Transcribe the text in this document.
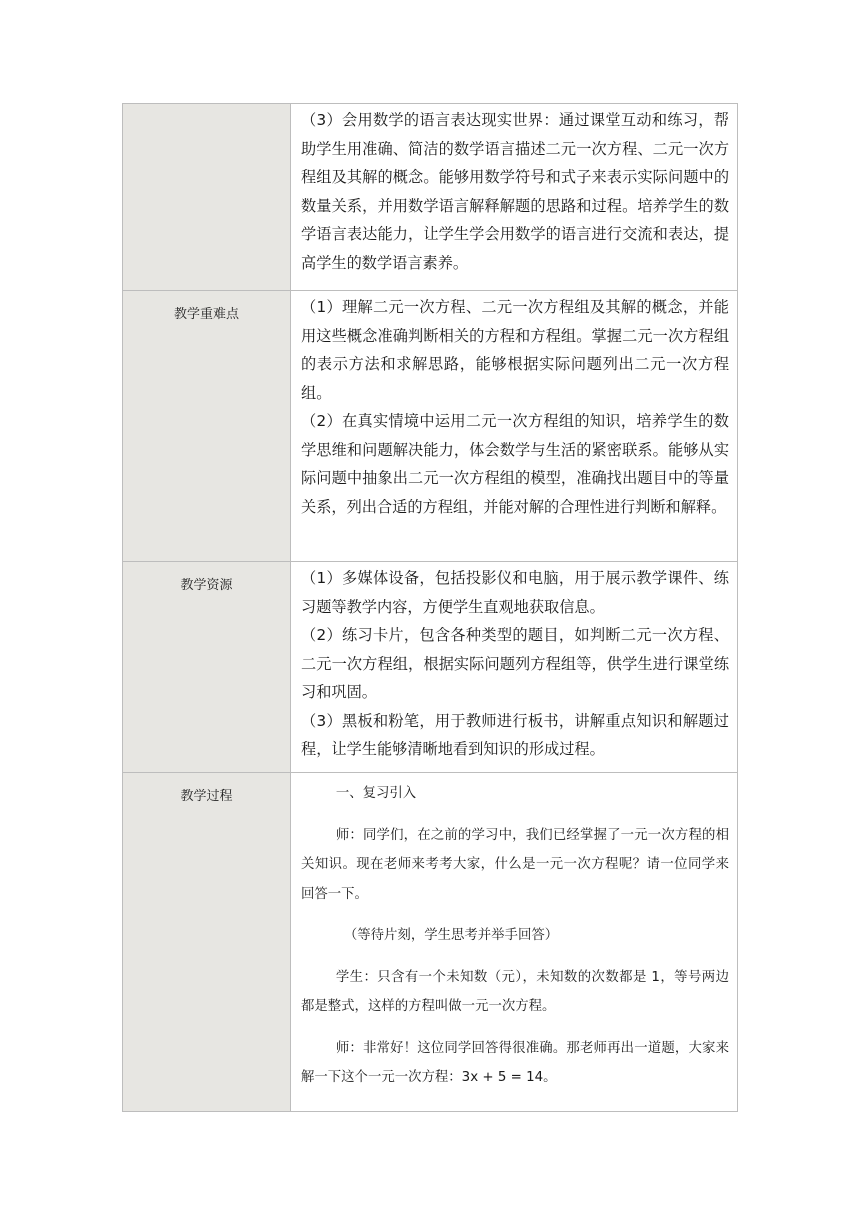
	（3）会用数学的语言表达现实世界：通过课堂互动和练习，帮助学生用准确、简洁的数学语言描述二元一次方程、二元一次方程组及其解的概念。能够用数学符号和式子来表示实际问题中的数量关系，并用数学语言解释解题的思路和过程。培养学生的数学语言表达能力，让学生学会用数学的语言进行交流和表达，提高学生的数学语言素养。

教学重难点	（1）理解二元一次方程、二元一次方程组及其解的概念，并能用这些概念准确判断相关的方程和方程组。掌握二元一次方程组的表示方法和求解思路，能够根据实际问题列出二元一次方程组。

（2）在真实情境中运用二元一次方程组的知识，培养学生的数学思维和问题解决能力，体会数学与生活的紧密联系。能够从实际问题中抽象出二元一次方程组的模型，准确找出题目中的等量关系，列出合适的方程组，并能对解的合理性进行判断和解释。

教学资源	（1）多媒体设备，包括投影仪和电脑，用于展示教学课件、练习题等教学内容，方便学生直观地获取信息。

（2）练习卡片，包含各种类型的题目，如判断二元一次方程、二元一次方程组，根据实际问题列方程组等，供学生进行课堂练习和巩固。

（3）黑板和粉笔，用于教师进行板书，讲解重点知识和解题过程，让学生能够清晰地看到知识的形成过程。

教学过程	一、复习引入

师：同学们，在之前的学习中，我们已经掌握了一元一次方程的相关知识。现在老师来考考大家，什么是一元一次方程呢？请一位同学来回答一下。

（等待片刻，学生思考并举手回答）

学生：只含有一个未知数（元），未知数的次数都是 1，等号两边都是整式，这样的方程叫做一元一次方程。

师：非常好！这位同学回答得很准确。那老师再出一道题，大家来解一下这个一元一次方程：3x + 5 = 14。
